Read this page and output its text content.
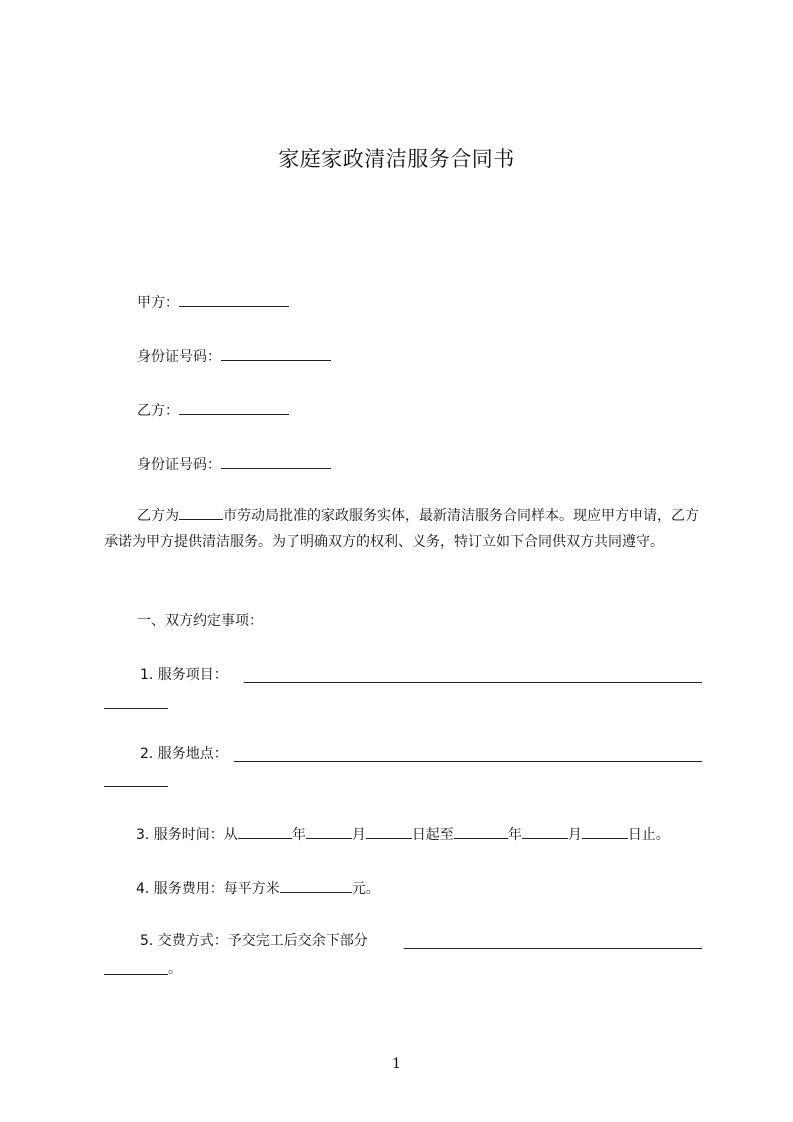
家庭家政清洁服务合同书
甲方：
身份证号码：
乙方：
身份证号码：
乙方为	市劳动局批准的家政服务实体，最新清洁服务合同样本。现应甲方申请，乙方承诺为甲方提供清洁服务。为了明确双方的权利、义务，特订立如下合同供双方共同遵守。
一、双方约定事项：
1. 服务项目：
2. 服务地点：
3. 服务时间：从	年	月	日起至	年	月	日止。
4. 服务费用：每平方米	元。
5. 交费方式：予交完工后交余下部分
。
1
